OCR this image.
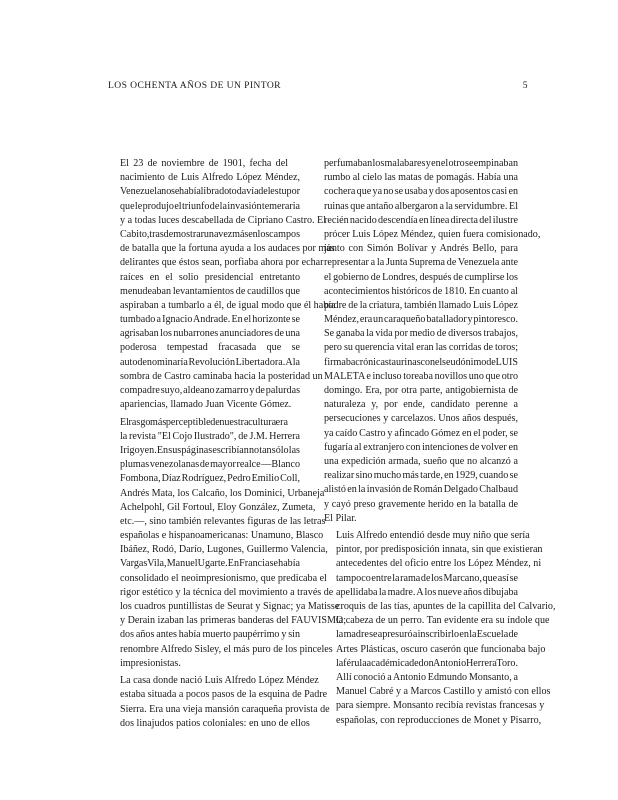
LOS OCHENTA AÑOS DE UN PINTOR	5

El 23 de noviembre de 1901, fecha del
nacimiento de Luis Alfredo López Méndez,
Venezuela no se había librado todavía del estupor
que le produjo el triunfo de la invasión temeraria
y a todas luces descabellada de Cipriano Castro. El
Cabito, tras demostrar una vez más en los campos
de batalla que la fortuna ayuda a los audaces por más
delirantes que éstos sean, porfiaba ahora por echar
raíces en el solio presidencial entretanto
menudeaban levantamientos de caudillos que
aspiraban a tumbarlo a él, de igual modo que él había
tumbado a Ignacio Andrade. En el horizonte se
agrisaban los nubarrones anunciadores de una
poderosa tempestad fracasada que se
autodenominaría Revolución Libertadora. A la
sombra de Castro caminaba hacia la posteridad un
compadre suyo, aldeano zamarro y de palurdas
apariencias, llamado Juan Vicente Gómez.

El rasgo más perceptible de nuestra cultura era
la revista "El Cojo Ilustrado", de J.M. Herrera
Irigoyen. En sus páginas escribían no tan sólo las
plumas venezolanas de mayor realce —Blanco
Fombona, Díaz Rodríguez, Pedro Emilio Coll,
Andrés Mata, los Calcaño, los Dominici, Urbaneja
Achelpohl, Gil Fortoul, Eloy González, Zumeta,
etc.—, sino también relevantes figuras de las letras
españolas e hispanoamericanas: Unamuno, Blasco
Ibáñez, Rodó, Darío, Lugones, Guillermo Valencia,
Vargas Vila, Manuel Ugarte. En Francia se había
consolidado el neoimpresionismo, que predicaba el
rigor estético y la técnica del movimiento a través de
los cuadros puntillistas de Seurat y Signac; ya Matisse
y Derain izaban las primeras banderas del FAUVISMO;
dos años antes había muerto paupérrimo y sin
renombre Alfredo Sisley, el más puro de los pinceles
impresionistas.

La casa donde nació Luis Alfredo López Méndez
estaba situada a pocos pasos de la esquina de Padre
Sierra. Era una vieja mansión caraqueña provista de
dos linajudos patios coloniales: en uno de ellos

perfumaban los malabares y en el otro se empinaban
rumbo al cielo las matas de pomagás. Había una
cochera que ya no se usaba y dos aposentos casi en
ruinas que antaño albergaron a la servidumbre. El
recién nacido descendía en línea directa del ilustre
prócer Luis López Méndez, quien fuera comisionado,
junto con Simón Bolívar y Andrés Bello, para
representar a la Junta Suprema de Venezuela ante
el gobierno de Londres, después de cumplirse los
acontecimientos históricos de 1810. En cuanto al
padre de la criatura, también llamado Luis López
Méndez, era un caraqueño batallador y pintoresco.
Se ganaba la vida por medio de diversos trabajos,
pero su querencia vital eran las corridas de toros;
firmaba crónicas taurinas con el seudónimo de LUIS
MALETA e incluso toreaba novillos uno que otro
domingo. Era, por otra parte, antigobiernista de
naturaleza y, por ende, candidato perenne a
persecuciones y carcelazos. Unos años después,
ya caído Castro y afincado Gómez en el poder, se
fugaría al extranjero con intenciones de volver en
una expedición armada, sueño que no alcanzó a
realizar sino mucho más tarde, en 1929, cuando se
alistó en la invasión de Román Delgado Chalbaud
y cayó preso gravemente herido en la batalla de
El Pilar.

Luis Alfredo entendió desde muy niño que sería
pintor, por predisposición innata, sin que existieran
antecedentes del oficio entre los López Méndez, ni
tampoco entre la rama de los Marcano, que así se
apellidaba la madre. A los nueve años dibujaba
croquis de las tías, apuntes de la capillita del Calvario,
la cabeza de un perro. Tan evidente era su índole que
la madre se apresuró a inscribirlo en la Escuela de
Artes Plásticas, oscuro caserón que funcionaba bajo
la férula académica de don Antonio Herrera Toro.
Allí conoció a Antonio Edmundo Monsanto, a
Manuel Cabré y a Marcos Castillo y amistó con ellos
para siempre. Monsanto recibía revistas francesas y
españolas, con reproducciones de Monet y Pisarro,
